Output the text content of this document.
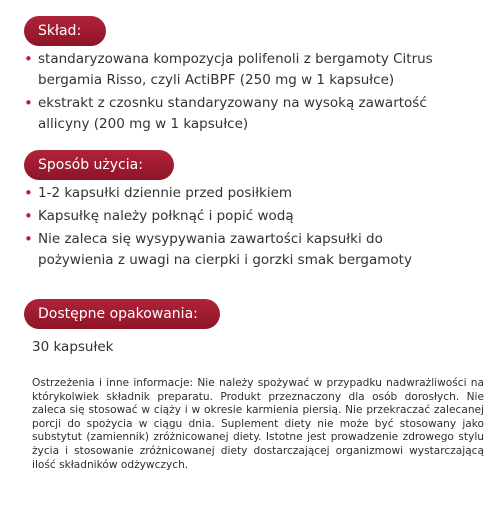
Skład:
• standaryzowana kompozycja polifenoli z bergamoty Citrus
bergamia Risso, czyli ActiBPF (250 mg w 1 kapsułce)
• ekstrakt z czosnku standaryzowany na wysoką zawartość
allicyny (200 mg w 1 kapsułce)
Sposób użycia:
• 1-2 kapsułki dziennie przed posiłkiem
• Kapsułkę należy połknąć i popić wodą
• Nie zaleca się wysypywania zawartości kapsułki do
pożywienia z uwagi na cierpki i gorzki smak bergamoty
Dostępne opakowania:
30 kapsułek

Ostrzeżenia i inne informacje: Nie należy spożywać w przypadku nadwrażliwości na którykolwiek składnik preparatu. Produkt przeznaczony dla osób dorosłych. Nie zaleca się stosować w ciąży i w okresie karmienia piersią. Nie przekraczać zalecanej porcji do spożycia w ciągu dnia. Suplement diety nie może być stosowany jako substytut (zamiennik) zróżnicowanej diety. Istotne jest prowadzenie zdrowego stylu życia i stosowanie zróżnicowanej diety dostarczającej organizmowi wystarczającą ilość składników odżywczych.
